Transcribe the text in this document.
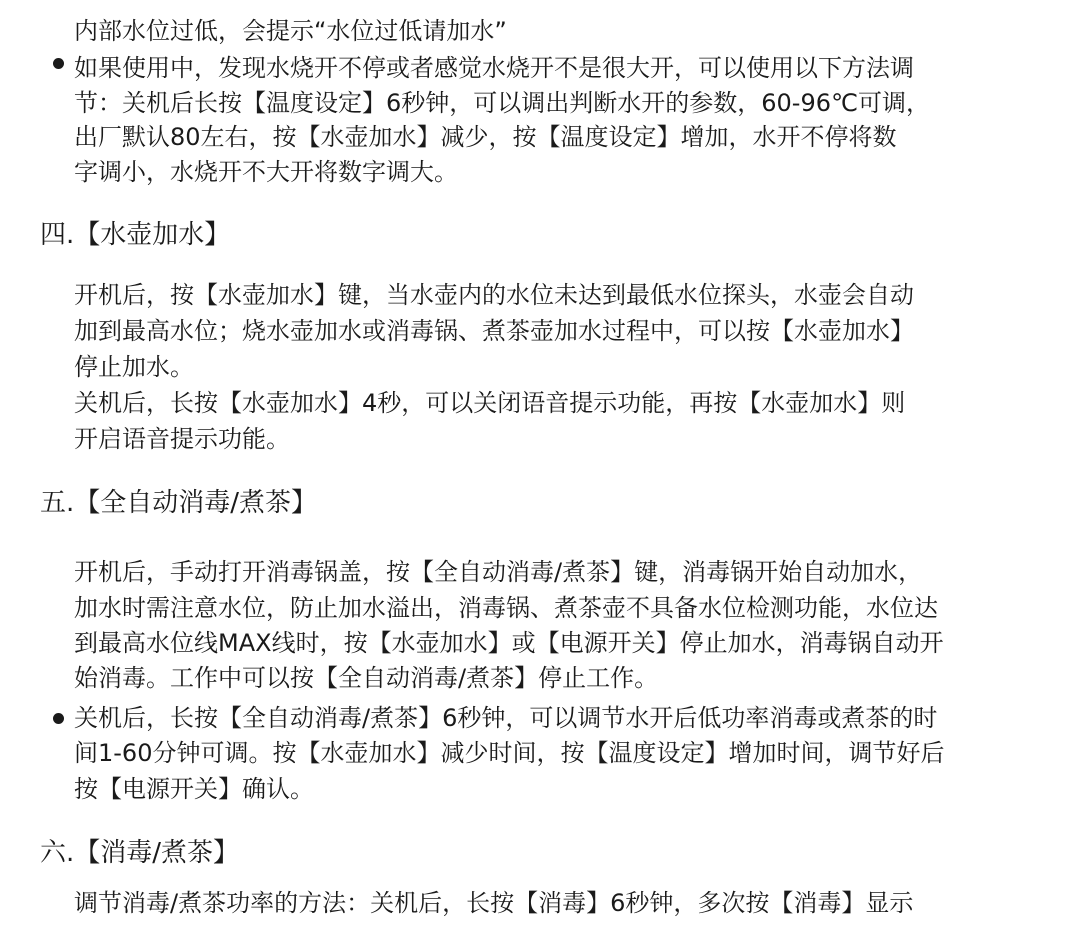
内部水位过低，会提示“水位过低请加水”
如果使用中，发现水烧开不停或者感觉水烧开不是很大开，可以使用以下方法调
节：关机后长按【温度设定】6秒钟，可以调出判断水开的参数，60-96℃可调，
出厂默认80左右，按【水壶加水】减少，按【温度设定】增加，水开不停将数
字调小，水烧开不大开将数字调大。
四.【水壶加水】
开机后，按【水壶加水】键，当水壶内的水位未达到最低水位探头，水壶会自动
加到最高水位；烧水壶加水或消毒锅、煮茶壶加水过程中，可以按【水壶加水】
停止加水。
关机后，长按【水壶加水】4秒，可以关闭语音提示功能，再按【水壶加水】则
开启语音提示功能。
五.【全自动消毒/煮茶】
开机后，手动打开消毒锅盖，按【全自动消毒/煮茶】键，消毒锅开始自动加水，
加水时需注意水位，防止加水溢出，消毒锅、煮茶壶不具备水位检测功能，水位达
到最高水位线MAX线时，按【水壶加水】或【电源开关】停止加水，消毒锅自动开
始消毒。工作中可以按【全自动消毒/煮茶】停止工作。
关机后，长按【全自动消毒/煮茶】6秒钟，可以调节水开后低功率消毒或煮茶的时
间1-60分钟可调。按【水壶加水】减少时间，按【温度设定】增加时间，调节好后
按【电源开关】确认。
六.【消毒/煮茶】
调节消毒/煮茶功率的方法：关机后，长按【消毒】6秒钟，多次按【消毒】显示
